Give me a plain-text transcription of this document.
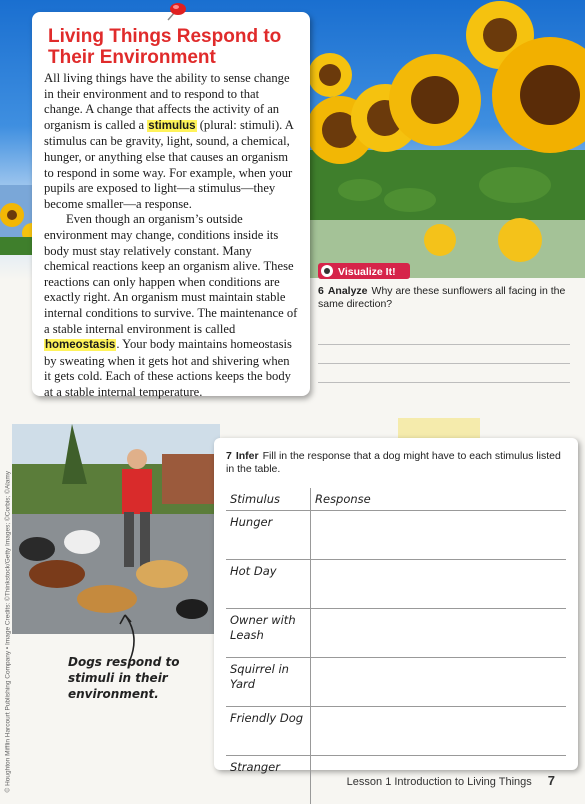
Living Things Respond to Their Environment

All living things have the ability to sense change in their environment and to respond to that change. A change that affects the activity of an organism is called a stimulus (plural: stimuli). A stimulus can be gravity, light, sound, a chemical, hunger, or anything else that causes an organism to respond in some way. For example, when your pupils are exposed to light—a stimulus—they become smaller—a response.

Even though an organism’s outside environment may change, conditions inside its body must stay relatively constant. Many chemical reactions keep an organism alive. These reactions can only happen when conditions are exactly right. An organism must maintain stable internal conditions to survive. The maintenance of a stable internal environment is called homeostasis. Your body maintains homeostasis by sweating when it gets hot and shivering when it gets cold. Each of these actions keeps the body at a stable internal temperature.

Visualize It!
6 Analyze Why are these sunflowers all facing in the same direction?
© Houghton Mifflin Harcourt Publishing Company • Image Credits: ©Thinkstock/Getty Images; ©Corbis; ©Alamy	Dogs respond to stimuli in their environment.
7 Infer Fill in the response that a dog might have to each stimulus listed in the table.
Stimulus	Response
Hunger	
Hot Day	
Owner with Leash	
Squirrel in Yard	
Friendly Dog	
Stranger	
Lesson 1 Introduction to Living Things 7
